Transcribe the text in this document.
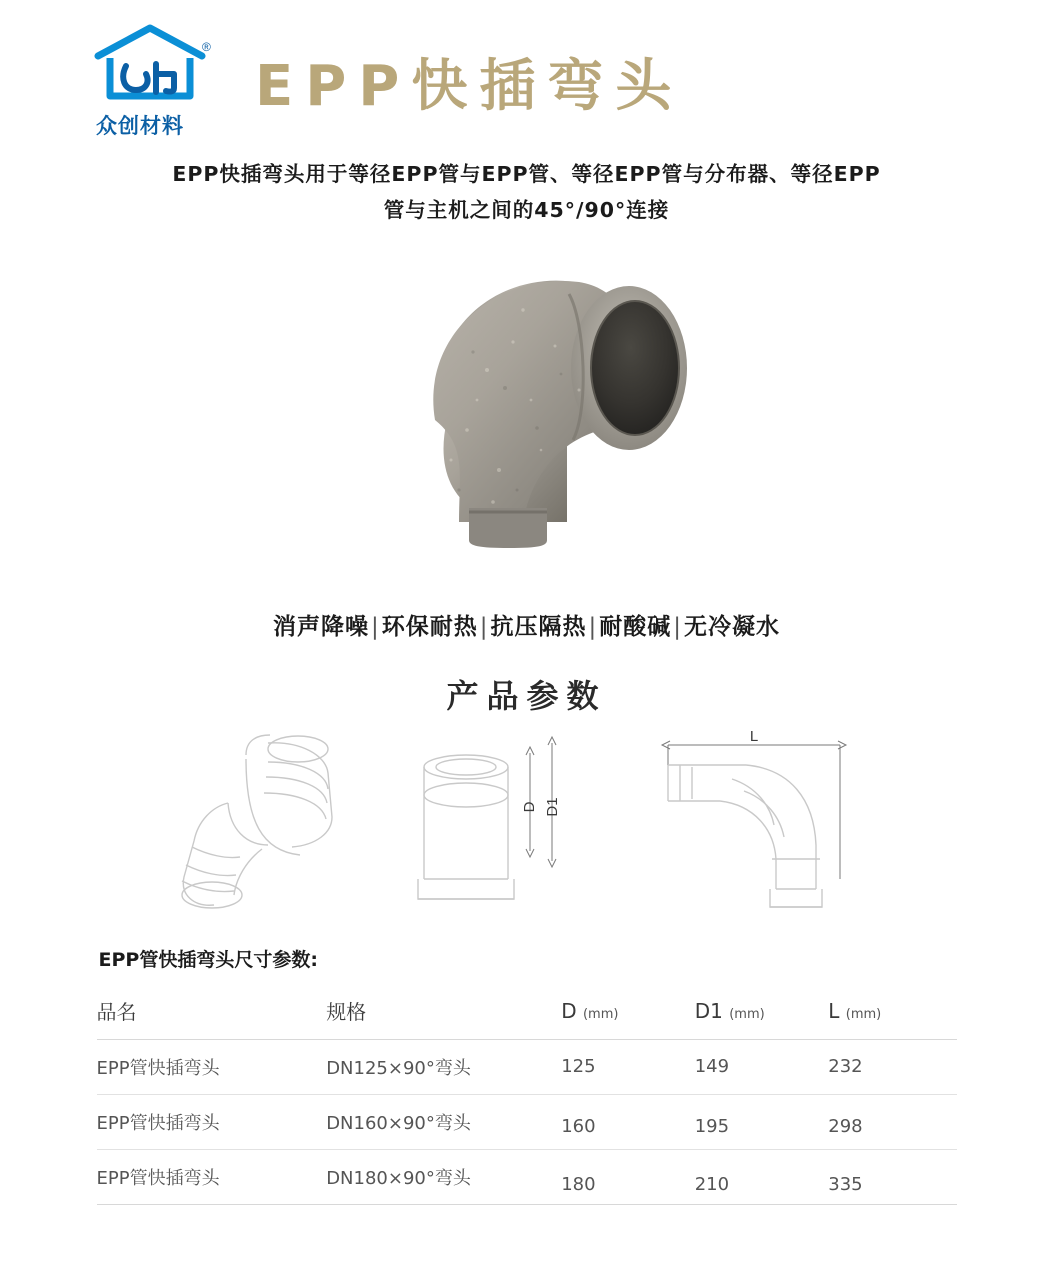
®
众创材料
EPP快插弯头
EPP快插弯头用于等径EPP管与EPP管、等径EPP管与分布器、等径EPP
管与主机之间的45°/90°连接
消声降噪|环保耐热|抗压隔热|耐酸碱|无冷凝水
产品参数
D D1
L
EPP管快插弯头尺寸参数:
品名	规格	D (mm)	D1 (mm)	L (mm)
EPP管快插弯头	DN125×90°弯头	125	149	232
EPP管快插弯头	DN160×90°弯头	160	195	298
EPP管快插弯头	DN180×90°弯头	180	210	335
